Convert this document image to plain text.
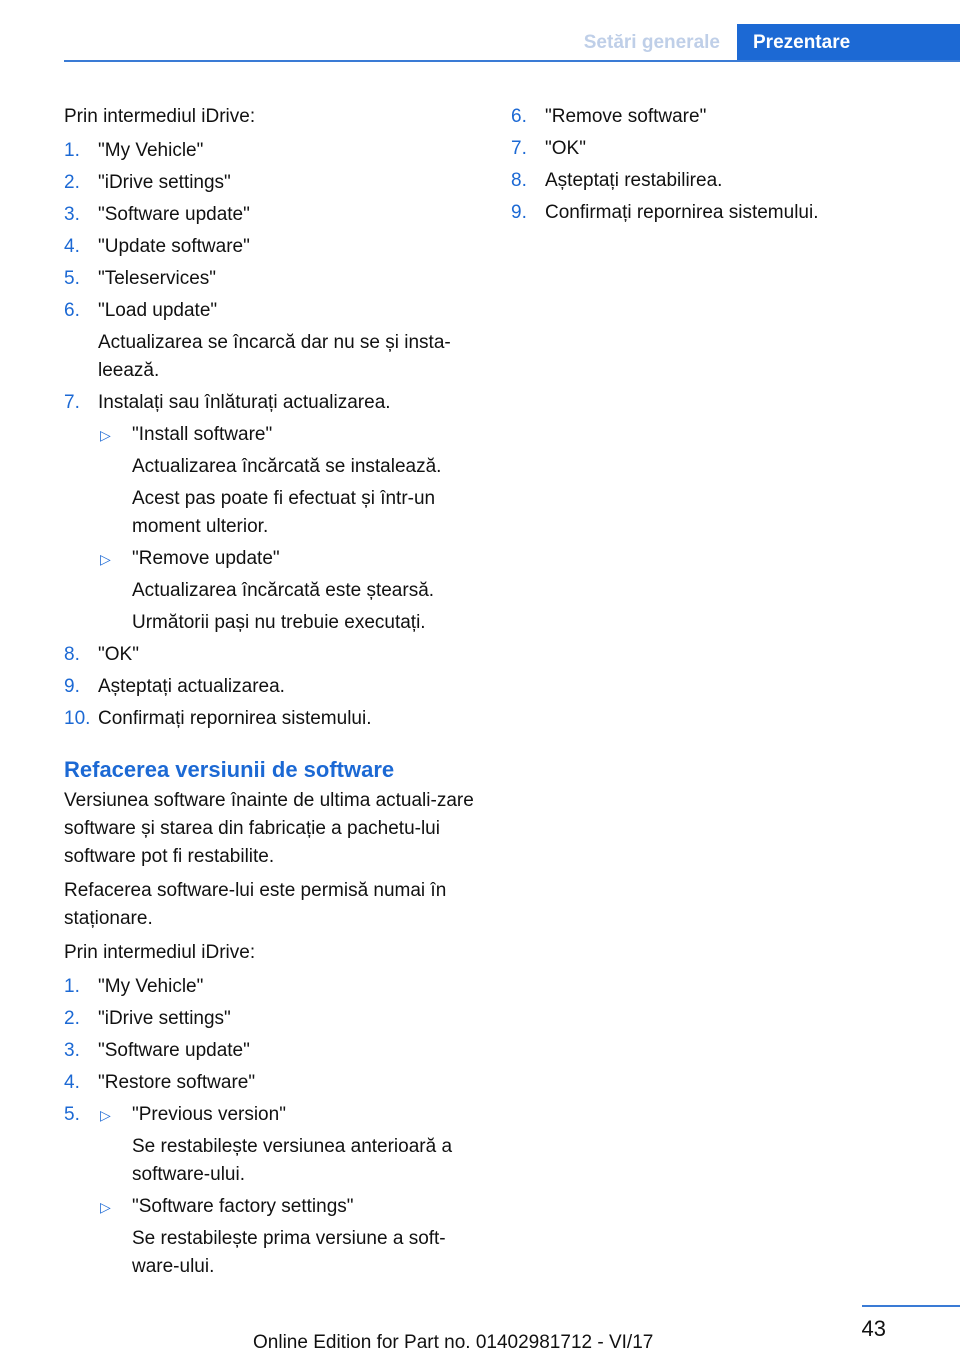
Setări generale	Prezentare

Prin intermediul iDrive:

1. "My Vehicle"
2. "iDrive settings"
3. "Software update"
4. "Update software"
5. "Teleservices"
6. "Load update"
Actualizarea se încarcă dar nu se și insta-leează.
7. Instalați sau înlăturați actualizarea.
▷ "Install software"
Actualizarea încărcată se instalează.
Acest pas poate fi efectuat și într-un moment ulterior.
▷ "Remove update"
Actualizarea încărcată este ștearsă.
Următorii pași nu trebuie executați.
8. "OK"
9. Așteptați actualizarea.
10. Confirmați repornirea sistemului.
Refacerea versiunii de software

Versiunea software înainte de ultima actuali-zare software și starea din fabricație a pachetu-lui software pot fi restabilite.

Refacerea software-lui este permisă numai în staționare.

Prin intermediul iDrive:

1. "My Vehicle"
2. "iDrive settings"
3. "Software update"
4. "Restore software"
5. ▷ "Previous version"
Se restabilește versiunea anterioară a software-ului.
▷ "Software factory settings"
Se restabilește prima versiune a soft-ware-ului.
6. "Remove software"
7. "OK"
8. Așteptați restabilirea.
9. Confirmați repornirea sistemului.
43
Online Edition for Part no. 01402981712 - VI/17
